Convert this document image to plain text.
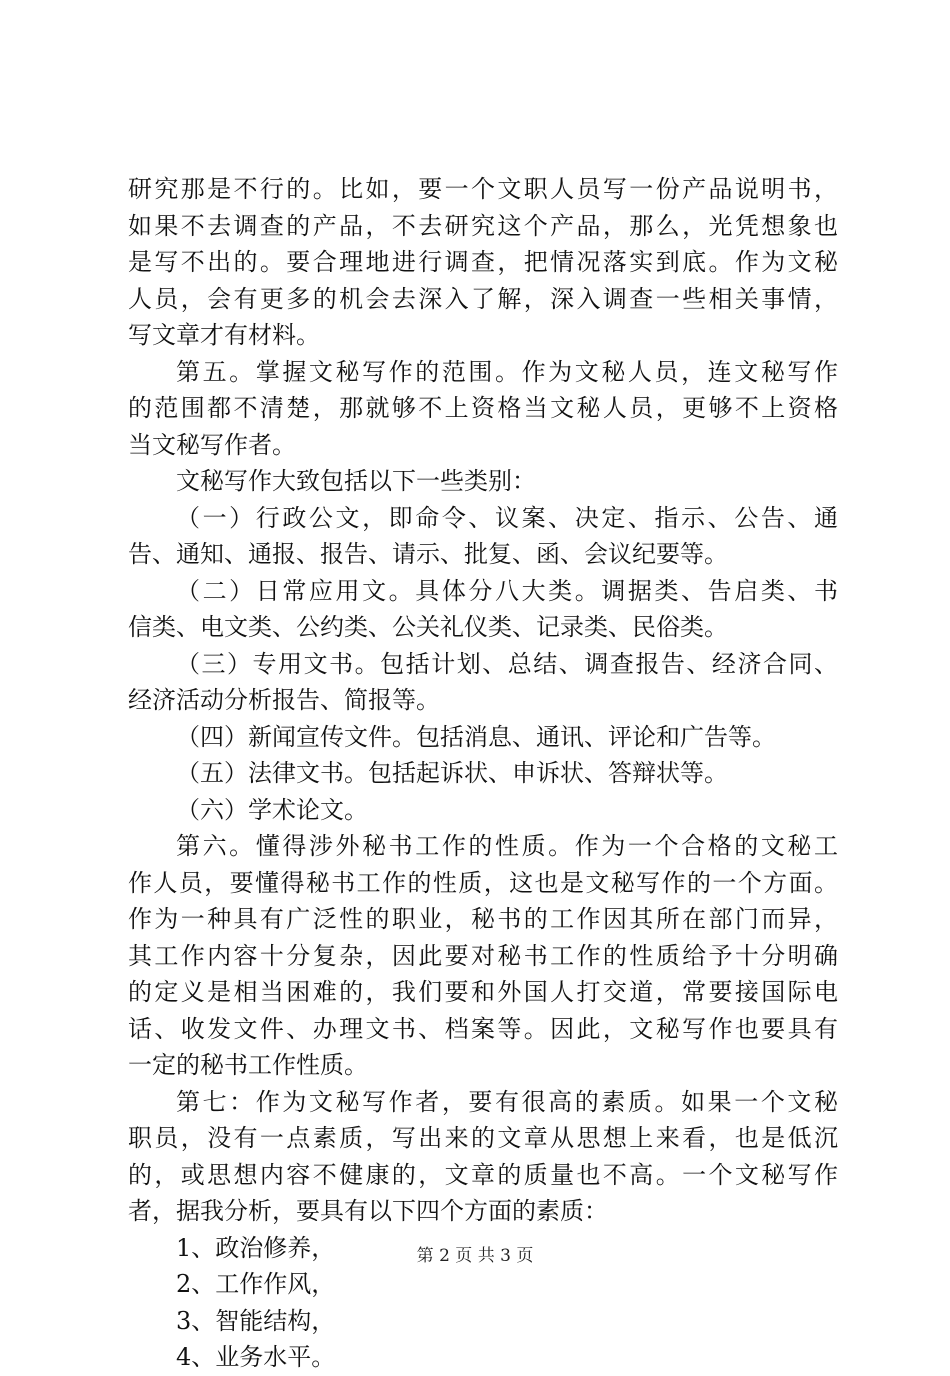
研究那是不行的。比如，要一个文职人员写一份产品说明书，
如果不去调查的产品，不去研究这个产品，那么，光凭想象也
是写不出的。要合理地进行调查，把情况落实到底。作为文秘
人员，会有更多的机会去深入了解，深入调查一些相关事情，
写文章才有材料。
第五。掌握文秘写作的范围。作为文秘人员，连文秘写作
的范围都不清楚，那就够不上资格当文秘人员，更够不上资格
当文秘写作者。
文秘写作大致包括以下一些类别：
（一）行政公文，即命令、议案、决定、指示、公告、通
告、通知、通报、报告、请示、批复、函、会议纪要等。
（二）日常应用文。具体分八大类。调据类、告启类、书
信类、电文类、公约类、公关礼仪类、记录类、民俗类。
（三）专用文书。包括计划、总结、调查报告、经济合同、
经济活动分析报告、简报等。
（四）新闻宣传文件。包括消息、通讯、评论和广告等。
（五）法律文书。包括起诉状、申诉状、答辩状等。
（六）学术论文。
第六。懂得涉外秘书工作的性质。作为一个合格的文秘工
作人员，要懂得秘书工作的性质，这也是文秘写作的一个方面。
作为一种具有广泛性的职业，秘书的工作因其所在部门而异，
其工作内容十分复杂，因此要对秘书工作的性质给予十分明确
的定义是相当困难的，我们要和外国人打交道，常要接国际电
话、收发文件、办理文书、档案等。因此，文秘写作也要具有
一定的秘书工作性质。
第七：作为文秘写作者，要有很高的素质。如果一个文秘
职员，没有一点素质，写出来的文章从思想上来看，也是低沉
的，或思想内容不健康的，文章的质量也不高。一个文秘写作
者，据我分析，要具有以下四个方面的素质：
1、政治修养，
2、工作作风，
3、智能结构，
4、业务水平。
第 2 页 共 3 页
